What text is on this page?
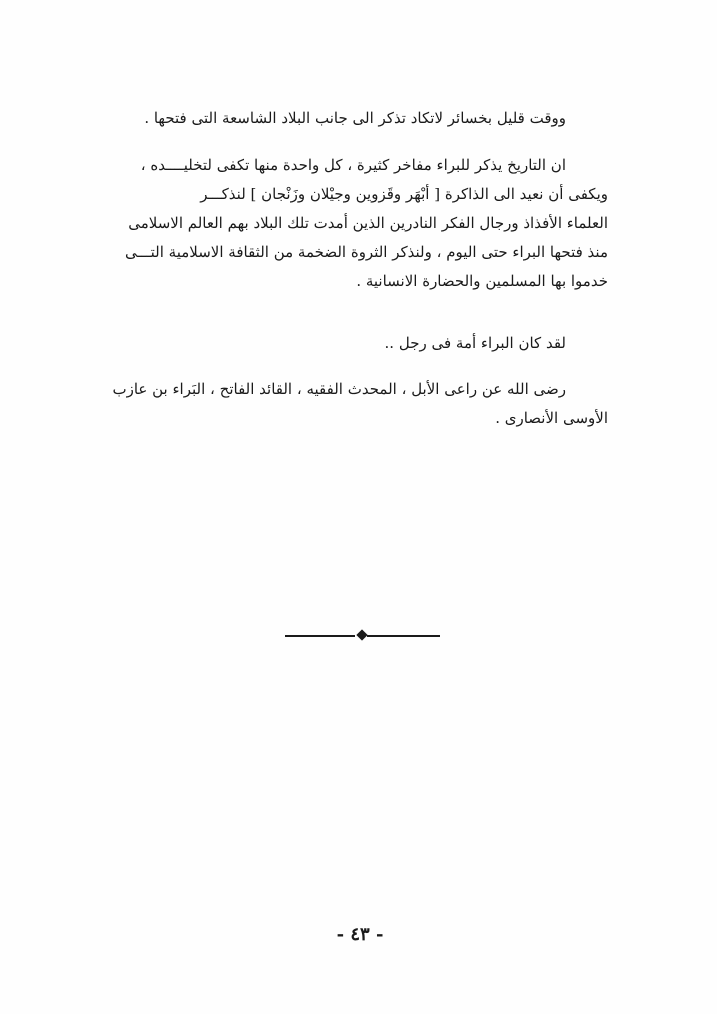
ووقت قليل بخسائر لاتكاد تذكر الى جانب البلاد الشاسعة التى فتحها .
ان التاريخ يذكر للبراء مفاخر كثيرة ، كل واحدة منها تكفى لتخليــــده ،
ويكفى أن نعيد الى الذاكرة [ أبْهَر وقَزوين وجيْلان وزَنْجان ] لنذكـــر
العلماء الأفذاذ ورجال الفكر النادرين الذين أمدت تلك البلاد بهم العالم الاسلامى
منذ فتحها البراء حتى اليوم ، ولنذكر الثروة الضخمة من الثقافة الاسلامية التـــى
خدموا بها المسلمين والحضارة الانسانية .
لقد كان البراء أمة فى رجل ..
رضى الله عن راعى الأبل ، المحدث الفقيه ، القائد الفاتح ، البَراء بن عازب
الأوسى الأنصارى .
- ٤٣ -
